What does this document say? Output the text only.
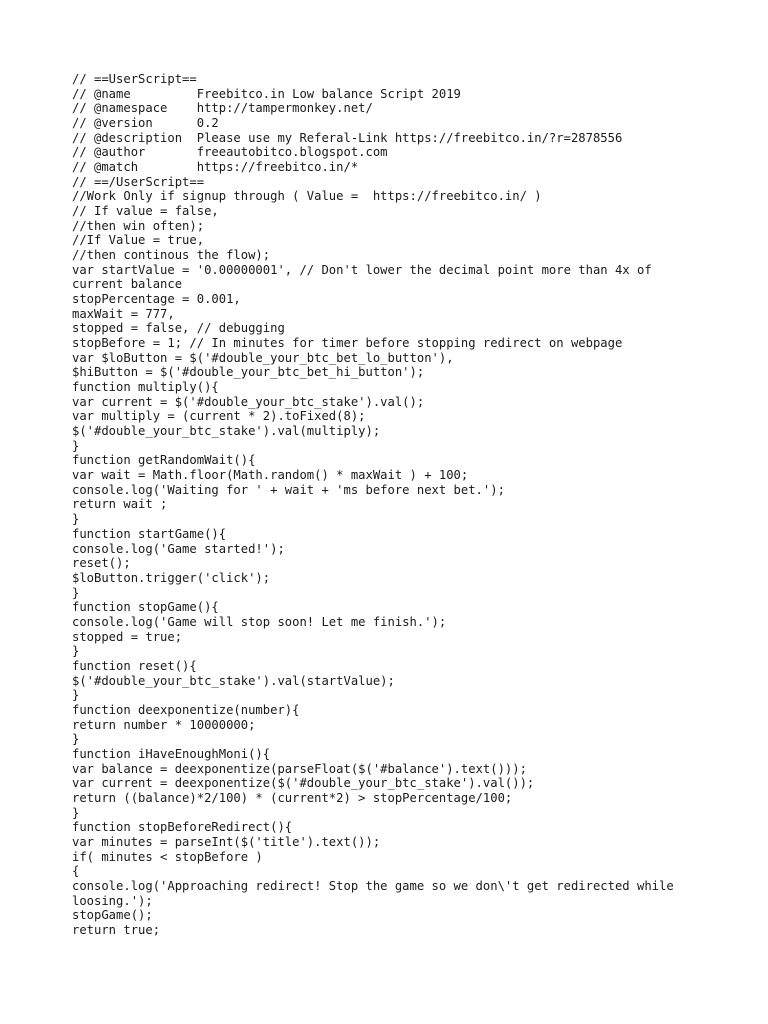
// ==UserScript==
// @name         Freebitco.in Low balance Script 2019
// @namespace    http://tampermonkey.net/
// @version      0.2
// @description  Please use my Referal-Link https://freebitco.in/?r=2878556
// @author       freeautobitco.blogspot.com
// @match        https://freebitco.in/*
// ==/UserScript==
//Work Only if signup through ( Value =  https://freebitco.in/ )
// If value = false,
//then win often);
//If Value = true,
//then continous the flow);
var startValue = '0.00000001', // Don't lower the decimal point more than 4x of
current balance
stopPercentage = 0.001,
maxWait = 777,
stopped = false, // debugging
stopBefore = 1; // In minutes for timer before stopping redirect on webpage
var $loButton = $('#double_your_btc_bet_lo_button'),
$hiButton = $('#double_your_btc_bet_hi_button');
function multiply(){
var current = $('#double_your_btc_stake').val();
var multiply = (current * 2).toFixed(8);
$('#double_your_btc_stake').val(multiply);
}
function getRandomWait(){
var wait = Math.floor(Math.random() * maxWait ) + 100;
console.log('Waiting for ' + wait + 'ms before next bet.');
return wait ;
}
function startGame(){
console.log('Game started!');
reset();
$loButton.trigger('click');
}
function stopGame(){
console.log('Game will stop soon! Let me finish.');
stopped = true;
}
function reset(){
$('#double_your_btc_stake').val(startValue);
}
function deexponentize(number){
return number * 10000000;
}
function iHaveEnoughMoni(){
var balance = deexponentize(parseFloat($('#balance').text()));
var current = deexponentize($('#double_your_btc_stake').val());
return ((balance)*2/100) * (current*2) > stopPercentage/100;
}
function stopBeforeRedirect(){
var minutes = parseInt($('title').text());
if( minutes < stopBefore )
{
console.log('Approaching redirect! Stop the game so we don\'t get redirected while
loosing.');
stopGame();
return true;
